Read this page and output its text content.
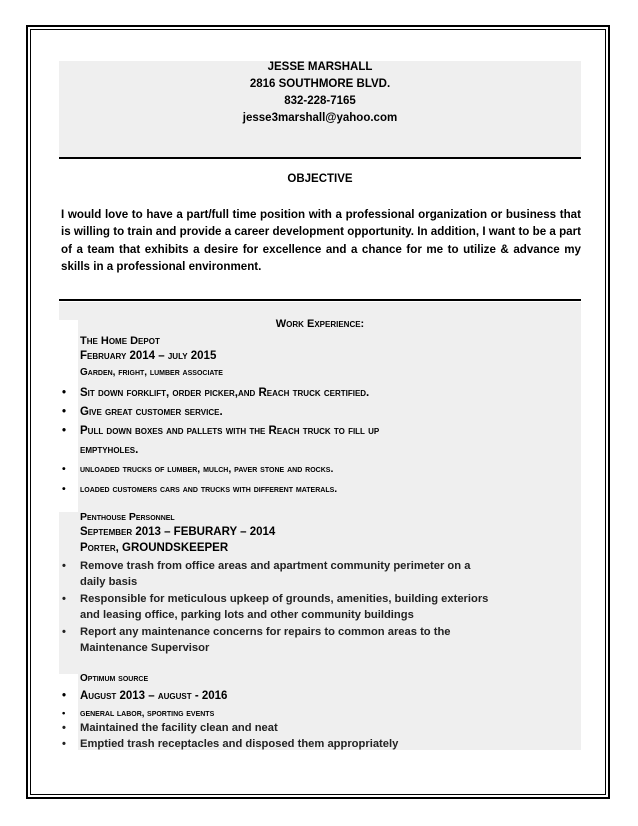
JESSE MARSHALL
2816 SOUTHMORE BLVD.
832-228-7165
jesse3marshall@yahoo.com
OBJECTIVE
I would love to have a part/full time position with a professional organization or business that is willing to train and provide a career development opportunity. In addition, I want to be a part of a team that exhibits a desire for excellence and a chance for me to utilize & advance my skills in a professional environment.
Work Experience:
The Home Depot
February 2014 – july 2015
Garden, fright, lumber associate
• Sit down forklift, order picker,and Reach truck certified.
• Give great customer service.
• Pull down boxes and pallets with the Reach truck to fill up
emptyholes.
• unloaded trucks of lumber, mulch, paver stone and rocks.
• loaded customers cars and trucks with different materals.
Penthouse Personnel
September 2013 – FEBURARY – 2014
Porter, GROUNDSKEEPER
• Remove trash from office areas and apartment community perimeter on a
daily basis
• Responsible for meticulous upkeep of grounds, amenities, building exteriors
and leasing office, parking lots and other community buildings
• Report any maintenance concerns for repairs to common areas to the
Maintenance Supervisor
Optimum source
• August 2013 – august - 2016
• general labor, sporting events
• Maintained the facility clean and neat
• Emptied trash receptacles and disposed them appropriately
